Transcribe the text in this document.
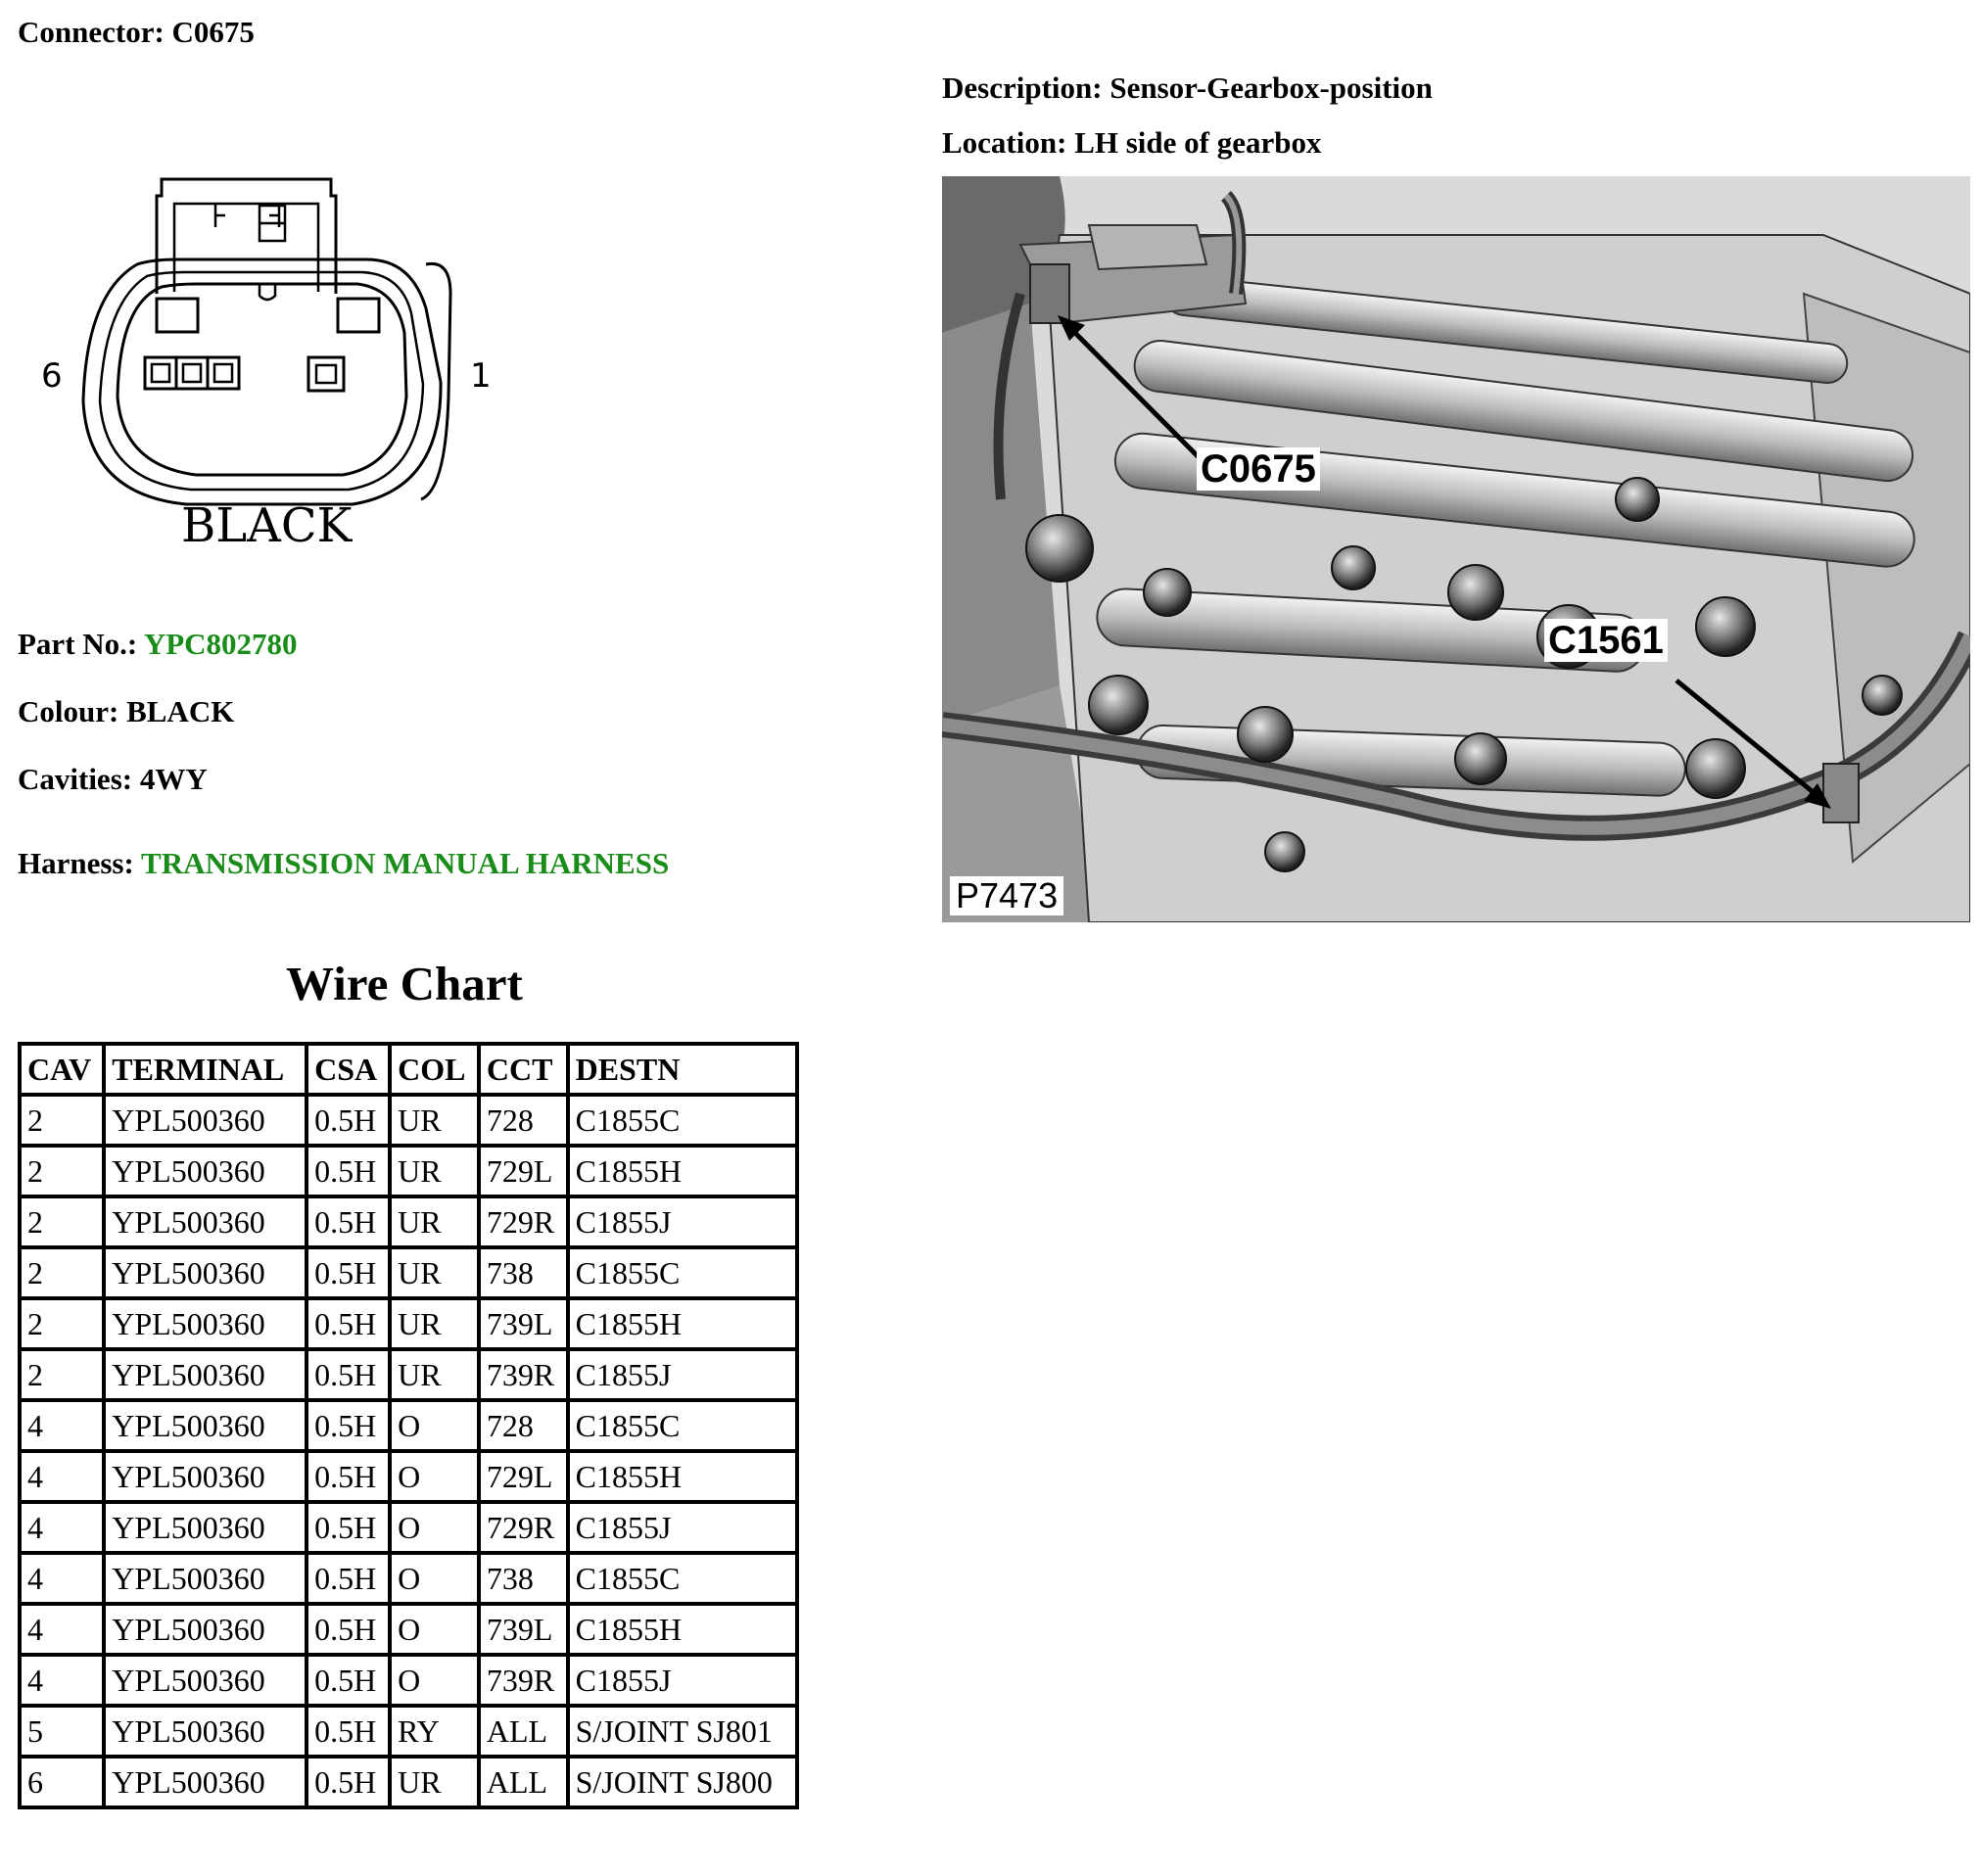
Connector: C0675
Description: Sensor-Gearbox-position
Location: LH side of gearbox
6	1
BLACK
C0675
C1561
P7473
Part No.: YPC802780
Colour: BLACK
Cavities: 4WY
Harness: TRANSMISSION MANUAL HARNESS
Wire Chart
CAV	TERMINAL	CSA	COL	CCT	DESTN
2	YPL500360	0.5H	UR	728	C1855C
2	YPL500360	0.5H	UR	729L	C1855H
2	YPL500360	0.5H	UR	729R	C1855J
2	YPL500360	0.5H	UR	738	C1855C
2	YPL500360	0.5H	UR	739L	C1855H
2	YPL500360	0.5H	UR	739R	C1855J
4	YPL500360	0.5H	O	728	C1855C
4	YPL500360	0.5H	O	729L	C1855H
4	YPL500360	0.5H	O	729R	C1855J
4	YPL500360	0.5H	O	738	C1855C
4	YPL500360	0.5H	O	739L	C1855H
4	YPL500360	0.5H	O	739R	C1855J
5	YPL500360	0.5H	RY	ALL	S/JOINT SJ801
6	YPL500360	0.5H	UR	ALL	S/JOINT SJ800
